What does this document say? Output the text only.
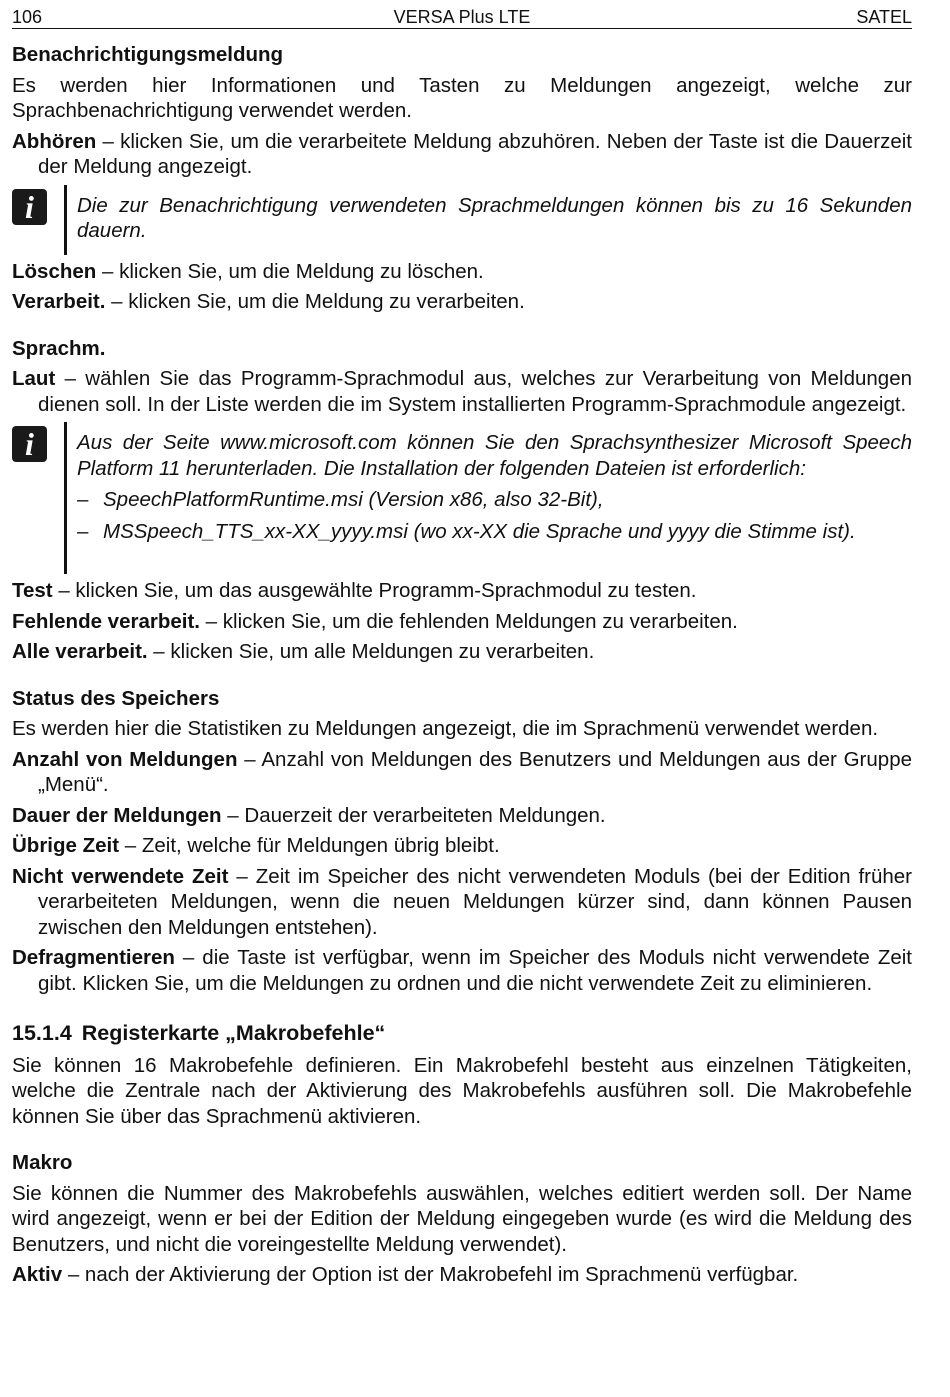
106	VERSA Plus LTE	SATEL

Benachrichtigungsmeldung

Es werden hier Informationen und Tasten zu Meldungen angezeigt, welche zur Sprachbenachrichtigung verwendet werden.

Abhören – klicken Sie, um die verarbeitete Meldung abzuhören. Neben der Taste ist die Dauerzeit der Meldung angezeigt.

i	Die zur Benachrichtigung verwendeten Sprachmeldungen können bis zu 16 Sekunden dauern.

Löschen – klicken Sie, um die Meldung zu löschen.

Verarbeit. – klicken Sie, um die Meldung zu verarbeiten.

Sprachm.

Laut – wählen Sie das Programm-Sprachmodul aus, welches zur Verarbeitung von Meldungen dienen soll. In der Liste werden die im System installierten Programm-Sprachmodule angezeigt.

i	Aus der Seite www.microsoft.com können Sie den Sprachsynthesizer Microsoft Speech Platform 11 herunterladen. Die Installation der folgenden Dateien ist erforderlich:

– SpeechPlatformRuntime.msi (Version x86, also 32-Bit),
– MSSpeech_TTS_xx-XX_yyyy.msi (wo xx-XX die Sprache und yyyy die Stimme ist).

Test – klicken Sie, um das ausgewählte Programm-Sprachmodul zu testen.

Fehlende verarbeit. – klicken Sie, um die fehlenden Meldungen zu verarbeiten.

Alle verarbeit. – klicken Sie, um alle Meldungen zu verarbeiten.

Status des Speichers

Es werden hier die Statistiken zu Meldungen angezeigt, die im Sprachmenü verwendet werden.

Anzahl von Meldungen – Anzahl von Meldungen des Benutzers und Meldungen aus der Gruppe „Menü“.

Dauer der Meldungen – Dauerzeit der verarbeiteten Meldungen.

Übrige Zeit – Zeit, welche für Meldungen übrig bleibt.

Nicht verwendete Zeit – Zeit im Speicher des nicht verwendeten Moduls (bei der Edition früher verarbeiteten Meldungen, wenn die neuen Meldungen kürzer sind, dann können Pausen zwischen den Meldungen entstehen).

Defragmentieren – die Taste ist verfügbar, wenn im Speicher des Moduls nicht verwendete Zeit gibt. Klicken Sie, um die Meldungen zu ordnen und die nicht verwendete Zeit zu eliminieren.

15.1.4 Registerkarte „Makrobefehle“

Sie können 16 Makrobefehle definieren. Ein Makrobefehl besteht aus einzelnen Tätigkeiten, welche die Zentrale nach der Aktivierung des Makrobefehls ausführen soll. Die Makrobefehle können Sie über das Sprachmenü aktivieren.

Makro

Sie können die Nummer des Makrobefehls auswählen, welches editiert werden soll. Der Name wird angezeigt, wenn er bei der Edition der Meldung eingegeben wurde (es wird die Meldung des Benutzers, und nicht die voreingestellte Meldung verwendet).

Aktiv – nach der Aktivierung der Option ist der Makrobefehl im Sprachmenü verfügbar.
